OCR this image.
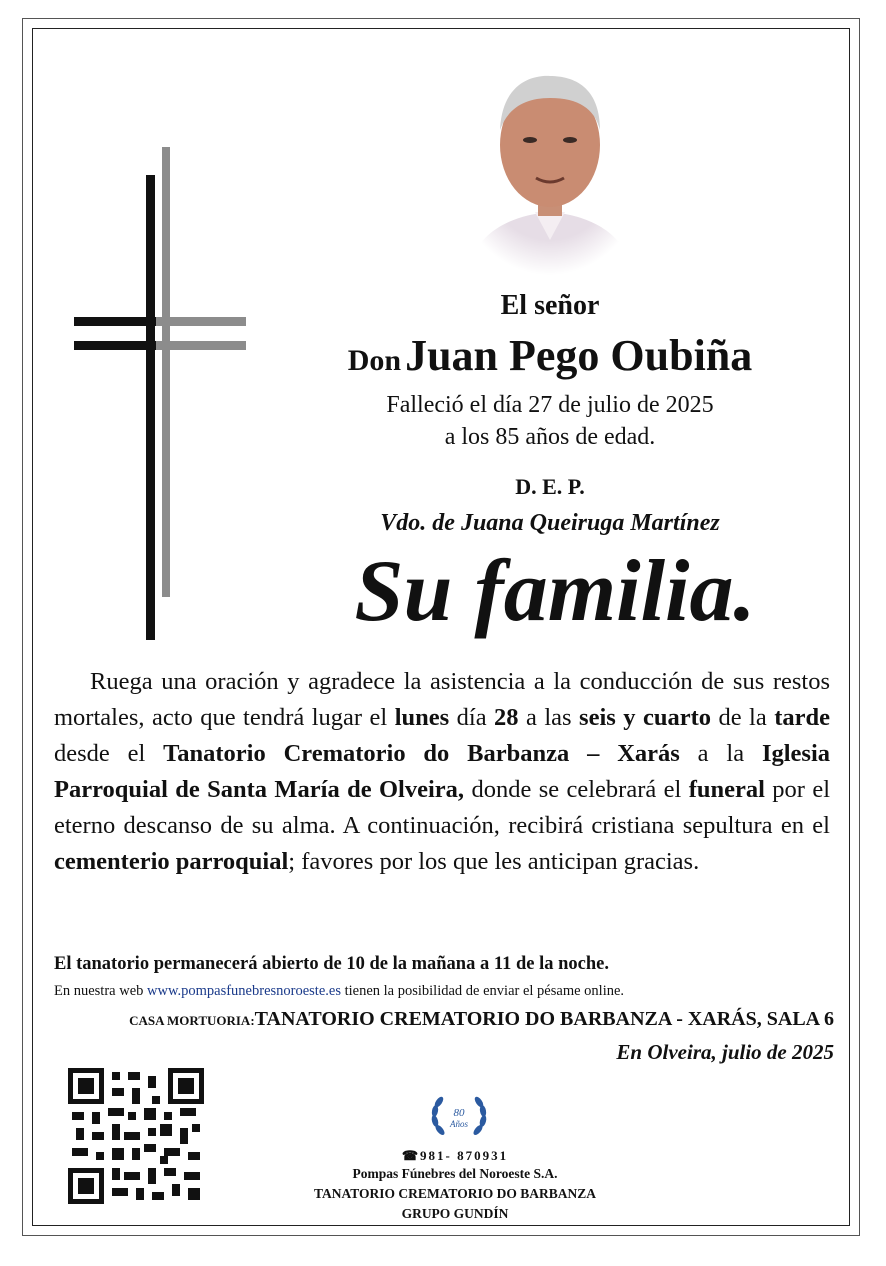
El señor
Don Juan Pego Oubiña
Falleció el día 27 de julio de 2025
a los 85 años de edad.
D. E. P.
Vdo. de Juana Queiruga Martínez
Su familia.
Ruega una oración y agradece la asistencia a la conducción de sus restos mortales, acto que tendrá lugar el lunes día 28 a las seis y cuarto de la tarde desde el Tanatorio Crematorio do Barbanza – Xarás a la Iglesia Parroquial de Santa María de Olveira, donde se celebrará el funeral por el eterno descanso de su alma. A continuación, recibirá cristiana sepultura en el cementerio parroquial; favores por los que les anticipan gracias.
El tanatorio permanecerá abierto de 10 de la mañana a 11 de la noche.
En nuestra web www.pompasfunebresnoroeste.es tienen la posibilidad de enviar el pésame online.
CASA MORTUORIA:TANATORIO CREMATORIO DO BARBANZA - XARÁS, SALA 6
En Olveira, julio de 2025
80
Años
☎981- 870931
Pompas Fúnebres del Noroeste S.A.
TANATORIO CREMATORIO DO BARBANZA
GRUPO GUNDÍN
